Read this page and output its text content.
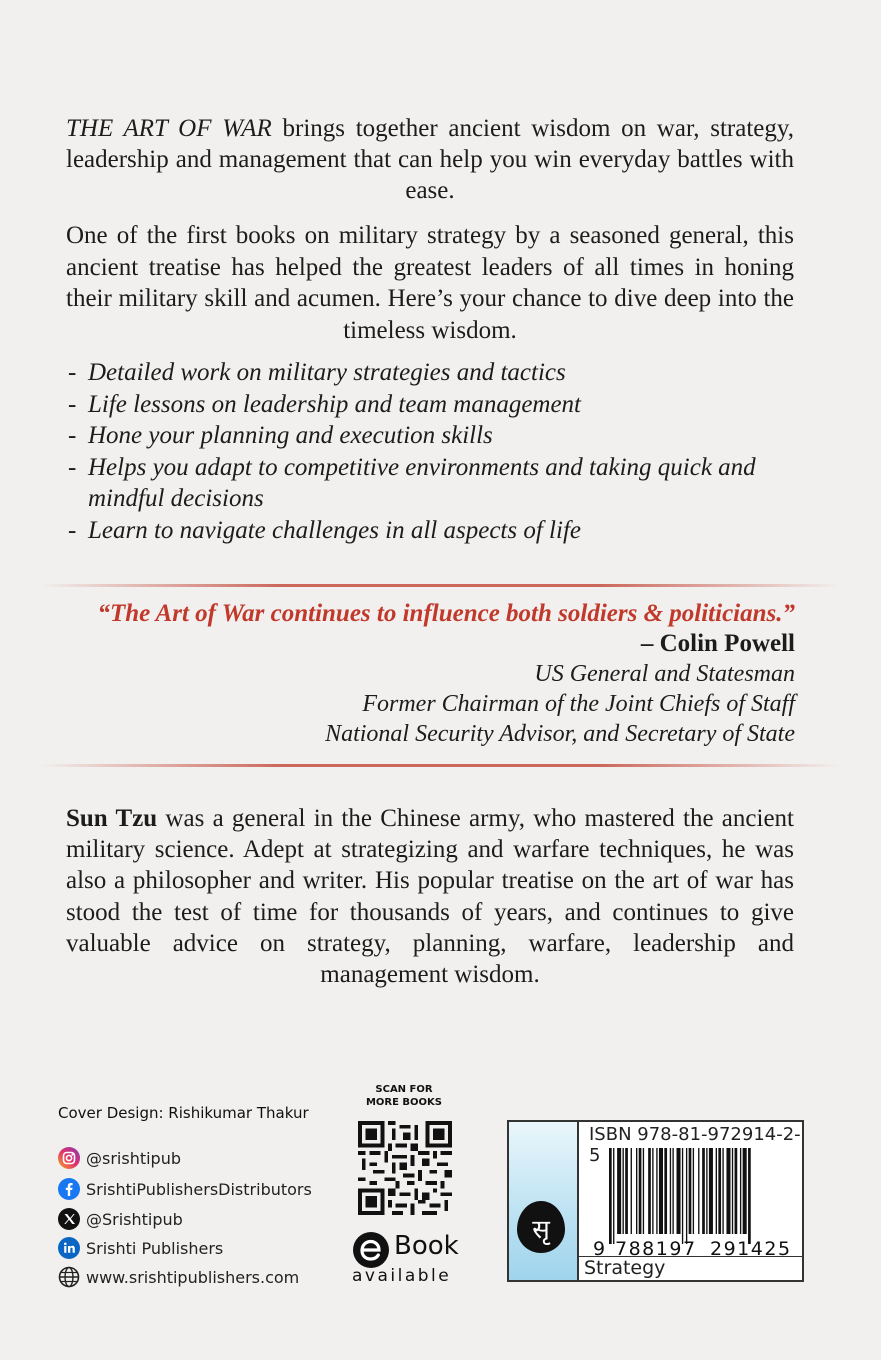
THE ART OF WAR brings together ancient wisdom on war, strategy, leadership and management that can help you win everyday battles with ease.

One of the first books on military strategy by a seasoned general, this ancient treatise has helped the greatest leaders of all times in honing their military skill and acumen. Here’s your chance to dive deep into the timeless wisdom.

- Detailed work on military strategies and tactics
- Life lessons on leadership and team management
- Hone your planning and execution skills
- Helps you adapt to competitive environments and taking quick and mindful decisions
- Learn to navigate challenges in all aspects of life
“The Art of War continues to influence both soldiers & politicians.”
– Colin Powell
US General and Statesman
Former Chairman of the Joint Chiefs of Staff
National Security Advisor, and Secretary of State

Sun Tzu was a general in the Chinese army, who mastered the ancient military science. Adept at strategizing and warfare techniques, he was also a philosopher and writer. His popular treatise on the art of war has stood the test of time for thousands of years, and continues to give valuable advice on strategy, planning, warfare, leadership and management wisdom.

Cover Design: Rishikumar Thakur
@srishtipub
SrishtiPublishersDistributors
@Srishtipub
Srishti Publishers
www.srishtipublishers.com
SCAN FOR
MORE BOOKS
Book
available
सृ
ISBN 978-81-972914-2-5
9 788197 291425
Strategy
